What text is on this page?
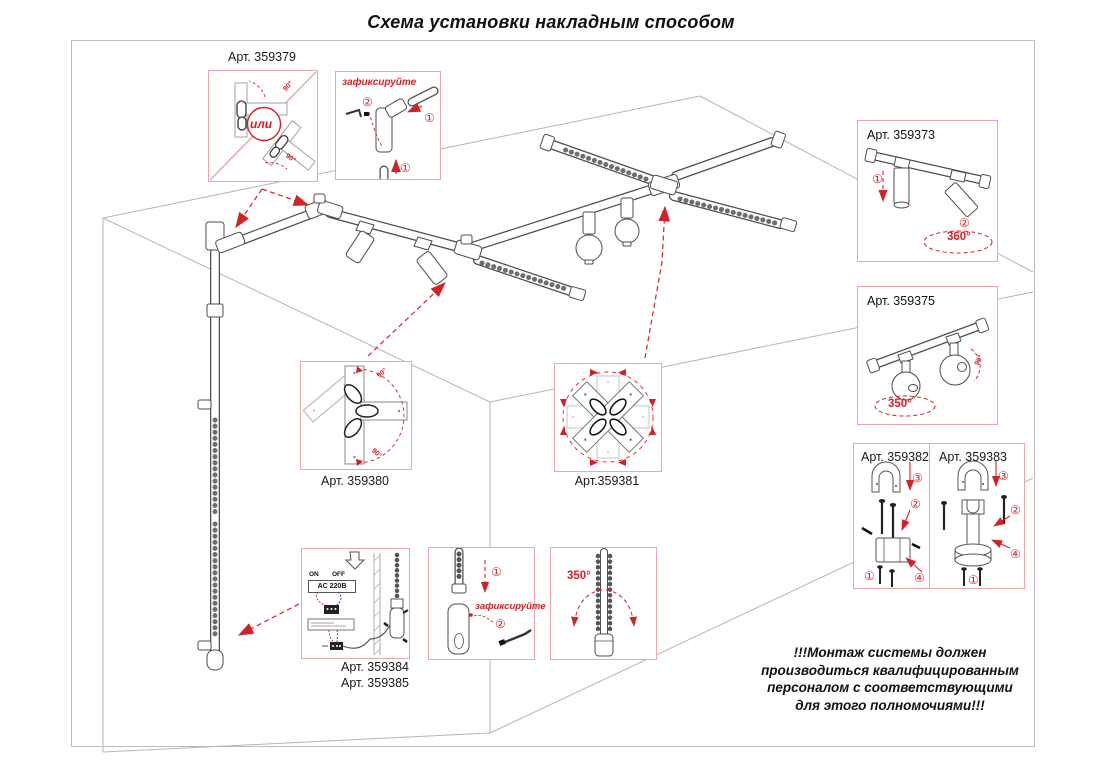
Схема установки накладным способом
Арт. 359379
90°
90°
или
зафиксируйте
②
①
①
Арт. 359373
①
②
360°
Арт. 359375
350°
90°
Арт. 359382
③
②
④
①
Арт. 359383
③
②
④
①
90°
90°
Арт. 359380	Арт.359381
ON OFF
AC 220В
Арт. 359384
Арт. 359385
зафиксируйте
①
②
350°
!!!Монтаж системы должен
производиться квалифицированным
персоналом с соответствующими
для этого полномочиями!!!
